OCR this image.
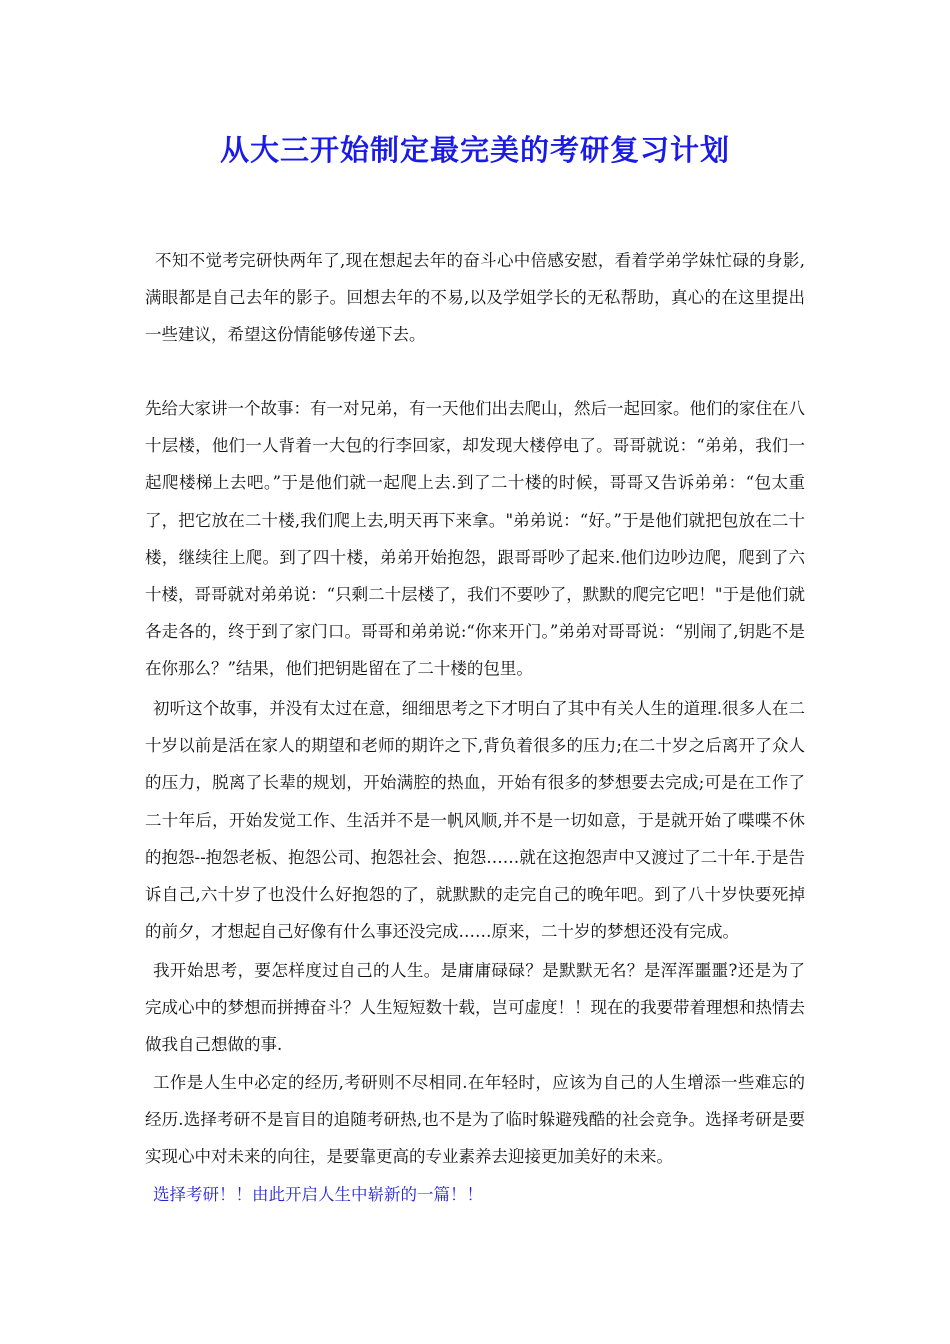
从大三开始制定最完美的考研复习计划

不知不觉考完研快两年了,现在想起去年的奋斗心中倍感安慰，看着学弟学妹忙碌的身影,满眼都是自己去年的影子。回想去年的不易,以及学姐学长的无私帮助，真心的在这里提出一些建议，希望这份情能够传递下去。

先给大家讲一个故事：有一对兄弟，有一天他们出去爬山，然后一起回家。他们的家住在八十层楼，他们一人背着一大包的行李回家，却发现大楼停电了。哥哥就说：“弟弟，我们一起爬楼梯上去吧。”于是他们就一起爬上去.到了二十楼的时候，哥哥又告诉弟弟：“包太重了，把它放在二十楼,我们爬上去,明天再下来拿。"弟弟说：“好。”于是他们就把包放在二十楼，继续往上爬。到了四十楼，弟弟开始抱怨，跟哥哥吵了起来.他们边吵边爬，爬到了六十楼，哥哥就对弟弟说：“只剩二十层楼了，我们不要吵了，默默的爬完它吧！"于是他们就各走各的，终于到了家门口。哥哥和弟弟说:“你来开门。”弟弟对哥哥说：“别闹了,钥匙不是在你那么？”结果，他们把钥匙留在了二十楼的包里。

初听这个故事，并没有太过在意，细细思考之下才明白了其中有关人生的道理.很多人在二十岁以前是活在家人的期望和老师的期许之下,背负着很多的压力;在二十岁之后离开了众人的压力，脱离了长辈的规划，开始满腔的热血，开始有很多的梦想要去完成;可是在工作了二十年后，开始发觉工作、生活并不是一帆风顺,并不是一切如意，于是就开始了喋喋不休的抱怨--抱怨老板、抱怨公司、抱怨社会、抱怨……就在这抱怨声中又渡过了二十年.于是告诉自己,六十岁了也没什么好抱怨的了，就默默的走完自己的晚年吧。到了八十岁快要死掉的前夕，才想起自己好像有什么事还没完成……原来，二十岁的梦想还没有完成。

我开始思考，要怎样度过自己的人生。是庸庸碌碌？是默默无名？是浑浑噩噩?还是为了完成心中的梦想而拼搏奋斗？人生短短数十载，岂可虚度！！现在的我要带着理想和热情去做我自己想做的事.

工作是人生中必定的经历,考研则不尽相同.在年轻时，应该为自己的人生增添一些难忘的经历.选择考研不是盲目的追随考研热,也不是为了临时躲避残酷的社会竞争。选择考研是要实现心中对未来的向往，是要靠更高的专业素养去迎接更加美好的未来。

选择考研！！由此开启人生中崭新的一篇！！
